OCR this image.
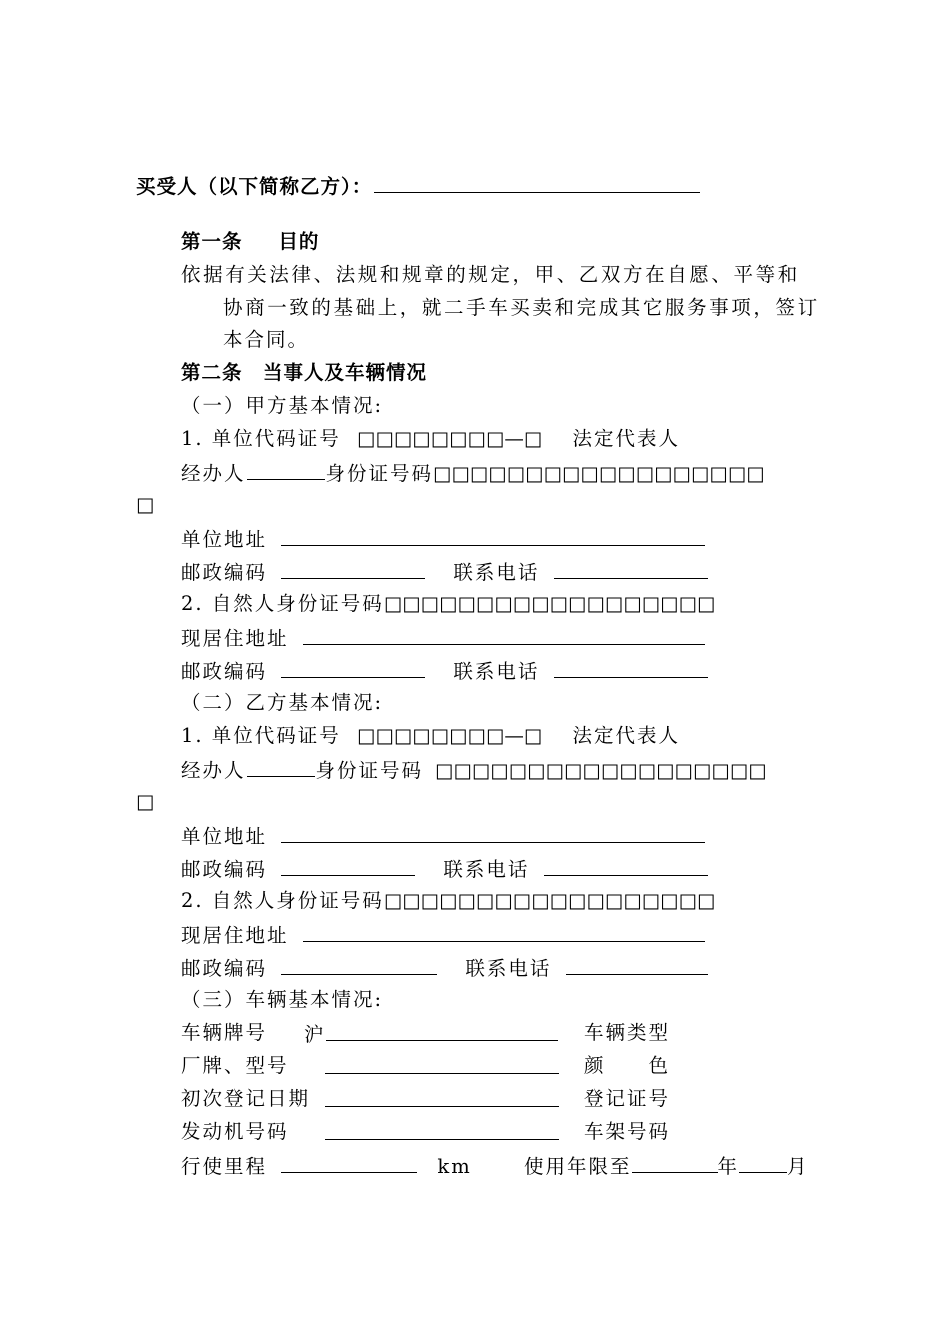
买受人（以下简称乙方）：
第一条 目的
依据有关法律、法规和规章的规定，甲、乙双方在自愿、平等和
协商一致的基础上，就二手车买卖和完成其它服务事项，签订
本合同。
第二条　当事人及车辆情况
（一）甲方基本情况:
1. 单位代码证号 □□□□□□□□—□ 法定代表人
经办人	身份证号码□□□□□□□□□□□□□□□□□□
□
单位地址
邮政编码	联系电话
2. 自然人身份证号码□□□□□□□□□□□□□□□□□□
现居住地址
邮政编码	联系电话
（二）乙方基本情况:
1. 单位代码证号 □□□□□□□□—□ 法定代表人
经办人	身份证号码 □□□□□□□□□□□□□□□□□□
□
单位地址
邮政编码	联系电话
2. 自然人身份证号码□□□□□□□□□□□□□□□□□□
现居住地址
邮政编码	联系电话
（三）车辆基本情况:
车辆牌号 沪	车辆类型
厂牌、型号	颜　　色
初次登记日期	登记证号
发动机号码	车架号码
行使里程	km	使用年限至	年 月
